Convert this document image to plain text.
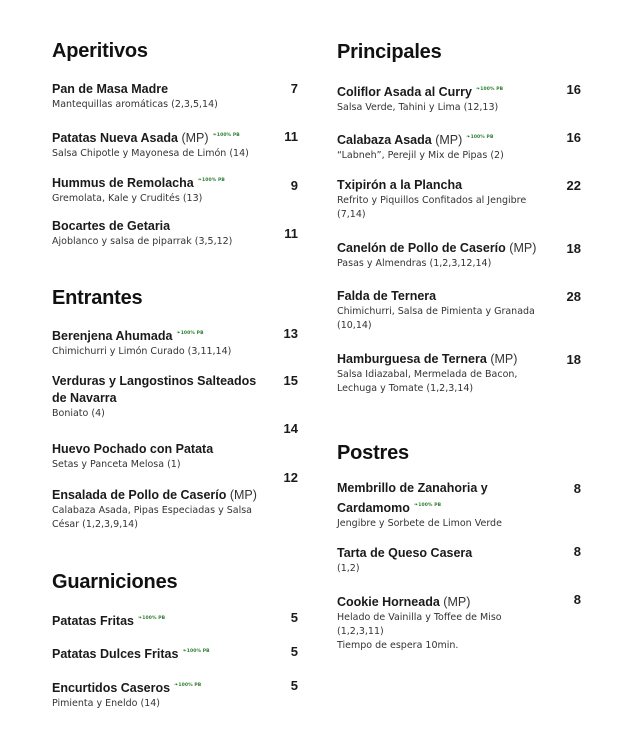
Aperitivos
7
Pan de Masa Madre
Mantequillas aromáticas (2,3,5,14)
11
Patatas Nueva Asada (MP) ❧100% PB
Salsa Chipotle y Mayonesa de Limón (14)
9
Hummus de Remolacha ❧100% PB
Gremolata, Kale y Crudités (13)
11
Bocartes de Getaria
Ajoblanco y salsa de piparrak (3,5,12)
Entrantes
13
Berenjena Ahumada ❧100% PB
Chimichurri y Limón Curado (3,11,14)
15
Verduras y Langostinos Salteados de Navarra
Boniato (4)
14
Huevo Pochado con Patata
Setas y Panceta Melosa (1)
12
Ensalada de Pollo de Caserío (MP)
Calabaza Asada, Pipas Especiadas y Salsa César (1,2,3,9,14)
Guarniciones
5
Patatas Fritas ❧100% PB
5
Patatas Dulces Fritas ❧100% PB
5
Encurtidos Caseros ❧100% PB
Pimienta y Eneldo (14)
Principales
16
Coliflor Asada al Curry ❧100% PB
Salsa Verde, Tahini y Lima (12,13)
16
Calabaza Asada (MP) ❧100% PB
“Labneh”, Perejil y Mix de Pipas (2)
22
Txipirón a la Plancha
Refrito y Piquillos Confitados al Jengibre (7,14)
18
Canelón de Pollo de Caserío (MP)
Pasas y Almendras (1,2,3,12,14)
28
Falda de Ternera
Chimichurri, Salsa de Pimienta y Granada (10,14)
18
Hamburguesa de Ternera (MP)
Salsa Idiazabal, Mermelada de Bacon, Lechuga y Tomate (1,2,3,14)
Postres
8
Membrillo de Zanahoria y Cardamomo ❧100% PB
Jengibre y Sorbete de Limon Verde
8
Tarta de Queso Casera
(1,2)
8
Cookie Horneada (MP)
Helado de Vainilla y Toffee de Miso (1,2,3,11)
Tiempo de espera 10min.
